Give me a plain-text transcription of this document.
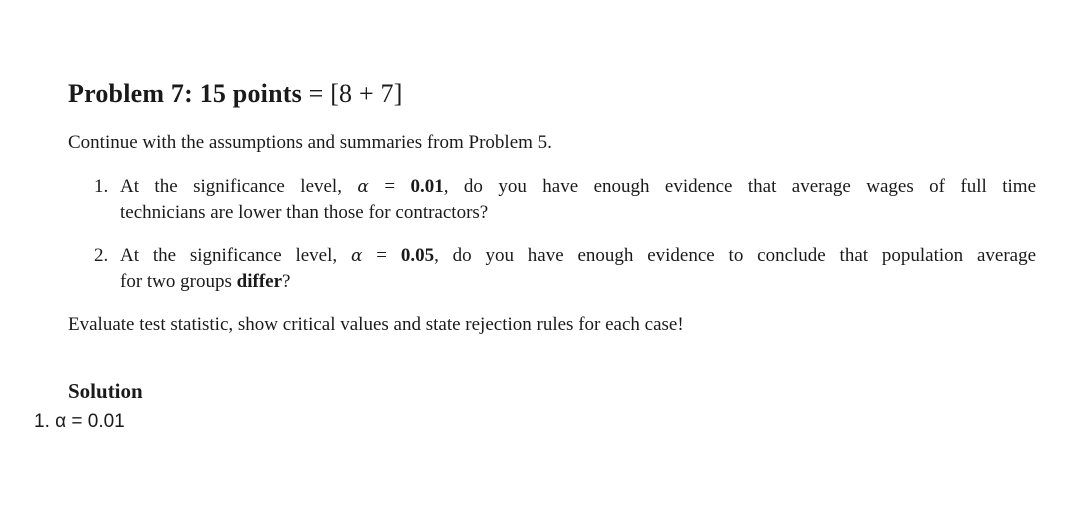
Problem 7: 15 points = [8 + 7]
Continue with the assumptions and summaries from Problem 5.
1. At the significance level, α = 0.01, do you have enough evidence that average wages of full time
technicians are lower than those for contractors?
2. At the significance level, α = 0.05, do you have enough evidence to conclude that population average
for two groups differ?
Evaluate test statistic, show critical values and state rejection rules for each case!
Solution
1. α = 0.01
